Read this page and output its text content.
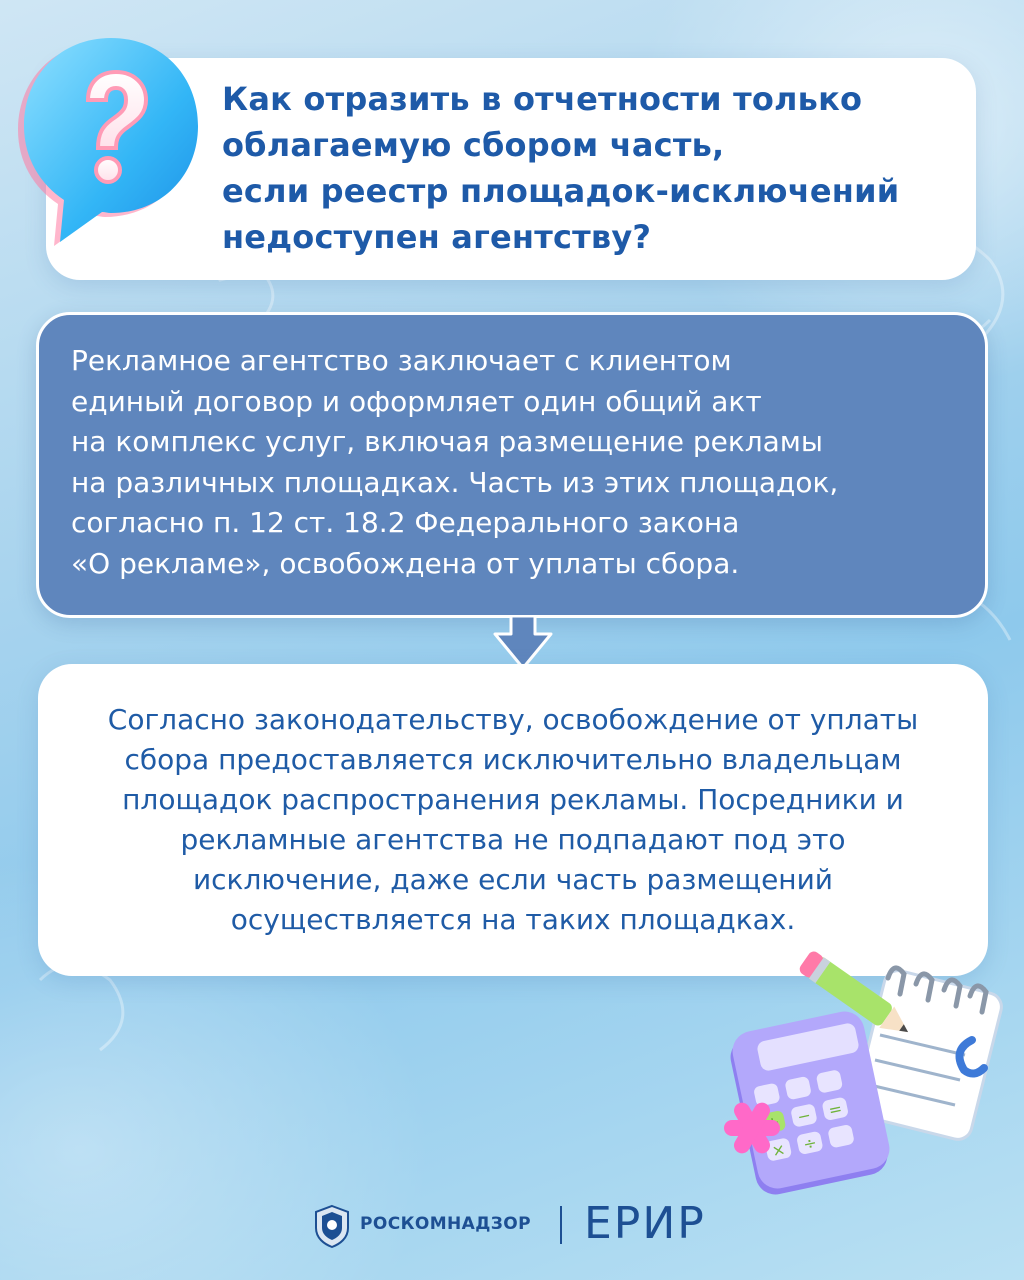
Как отразить в отчетности только
облагаемую сбором часть,
если реестр площадок-исключений
недоступен агентству?
Рекламное агентство заключает с клиентом
единый договор и оформляет один общий акт
на комплекс услуг, включая размещение рекламы
на различных площадках. Часть из этих площадок,
согласно п. 12 ст. 18.2 Федерального закона
«О рекламе», освобождена от уплаты сбора.
Согласно законодательству, освобождение от уплаты
сбора предоставляется исключительно владельцам
площадок распространения рекламы. Посредники и
рекламные агентства не подпадают под это
исключение, даже если часть размещений
осуществляется на таких площадках.
− =
÷
×
РОСКОМНАДЗОР ЕРИР
